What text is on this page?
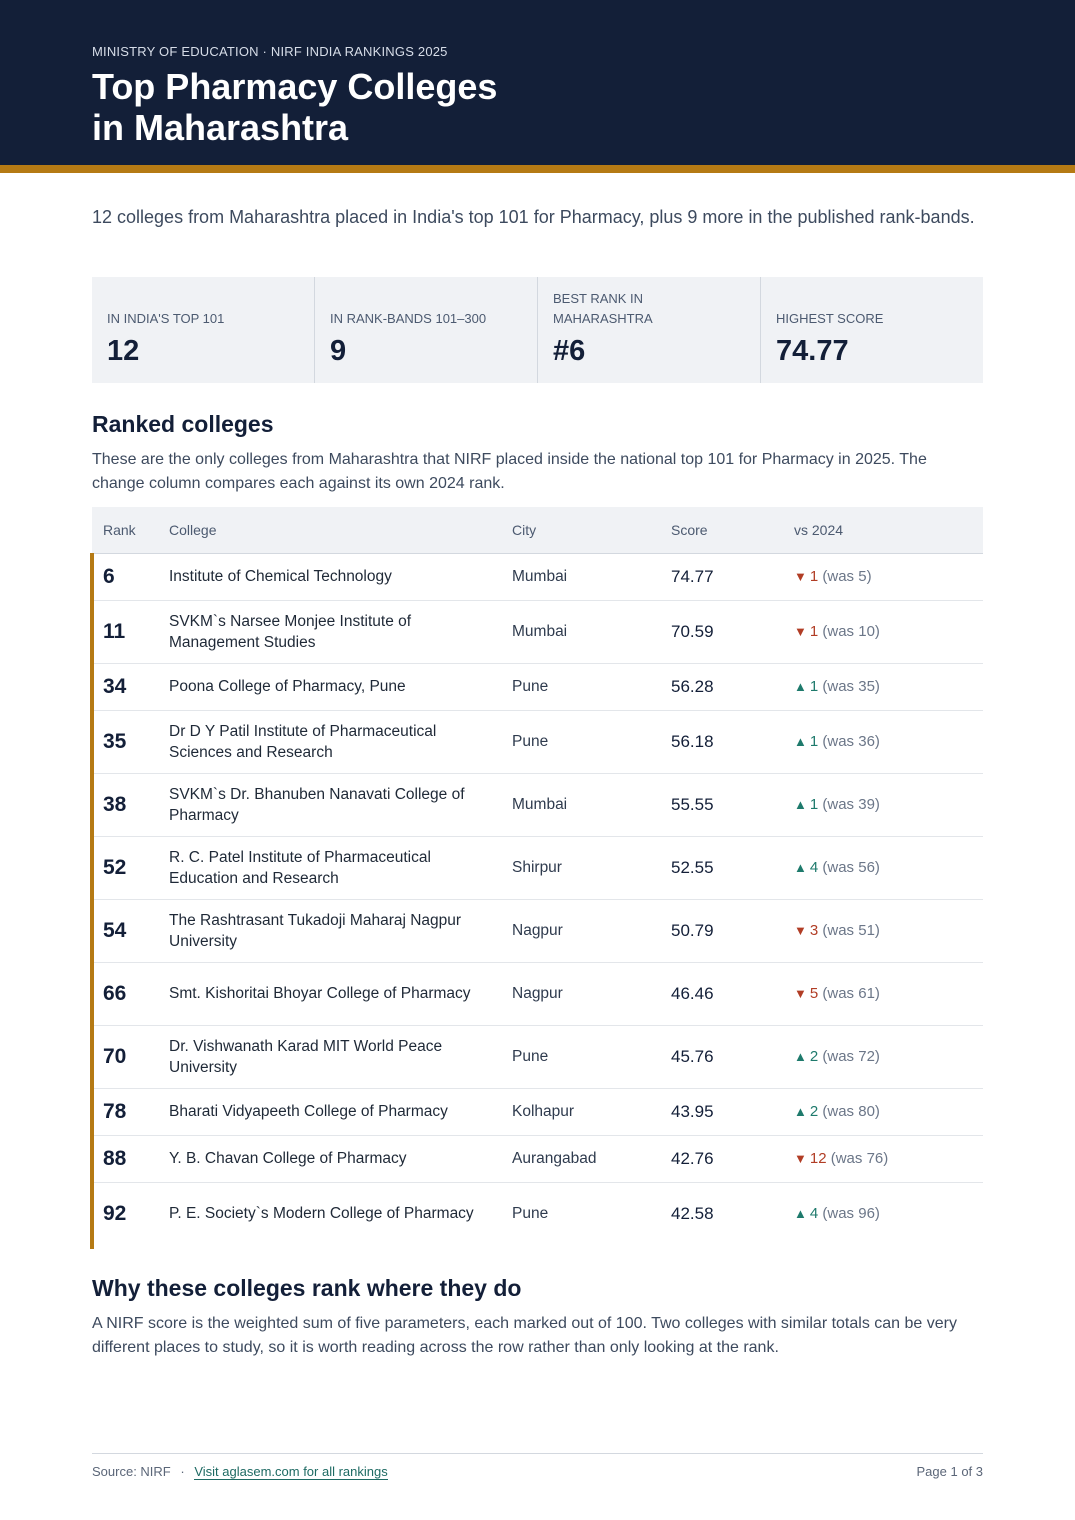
MINISTRY OF EDUCATION · NIRF INDIA RANKINGS 2025
Top Pharmacy Colleges
in Maharashtra
12 colleges from Maharashtra placed in India's top 101 for Pharmacy, plus 9 more in the published rank-bands.
IN INDIA'S TOP 101
12
IN RANK-BANDS 101–300
9
BEST RANK IN MAHARASHTRA
#6
HIGHEST SCORE
74.77
Ranked colleges
These are the only colleges from Maharashtra that NIRF placed inside the national top 101 for Pharmacy in 2025. The change column compares each against its own 2024 rank.
Rank	College	City	Score	vs 2024
6	Institute of Chemical Technology	Mumbai	74.77	▼ 1 (was 5)
11	SVKM`s Narsee Monjee Institute of Management Studies	Mumbai	70.59	▼ 1 (was 10)
34	Poona College of Pharmacy, Pune	Pune	56.28	▲ 1 (was 35)
35	Dr D Y Patil Institute of Pharmaceutical Sciences and Research	Pune	56.18	▲ 1 (was 36)
38	SVKM`s Dr. Bhanuben Nanavati College of Pharmacy	Mumbai	55.55	▲ 1 (was 39)
52	R. C. Patel Institute of Pharmaceutical Education and Research	Shirpur	52.55	▲ 4 (was 56)
54	The Rashtrasant Tukadoji Maharaj Nagpur University	Nagpur	50.79	▼ 3 (was 51)
66	Smt. Kishoritai Bhoyar College of Pharmacy	Nagpur	46.46	▼ 5 (was 61)
70	Dr. Vishwanath Karad MIT World Peace University	Pune	45.76	▲ 2 (was 72)
78	Bharati Vidyapeeth College of Pharmacy	Kolhapur	43.95	▲ 2 (was 80)
88	Y. B. Chavan College of Pharmacy	Aurangabad	42.76	▼ 12 (was 76)
92	P. E. Society`s Modern College of Pharmacy	Pune	42.58	▲ 4 (was 96)
Why these colleges rank where they do
A NIRF score is the weighted sum of five parameters, each marked out of 100. Two colleges with similar totals can be very different places to study, so it is worth reading across the row rather than only looking at the rank.
Source: NIRF · Visit aglasem.com for all rankings	Page 1 of 3
